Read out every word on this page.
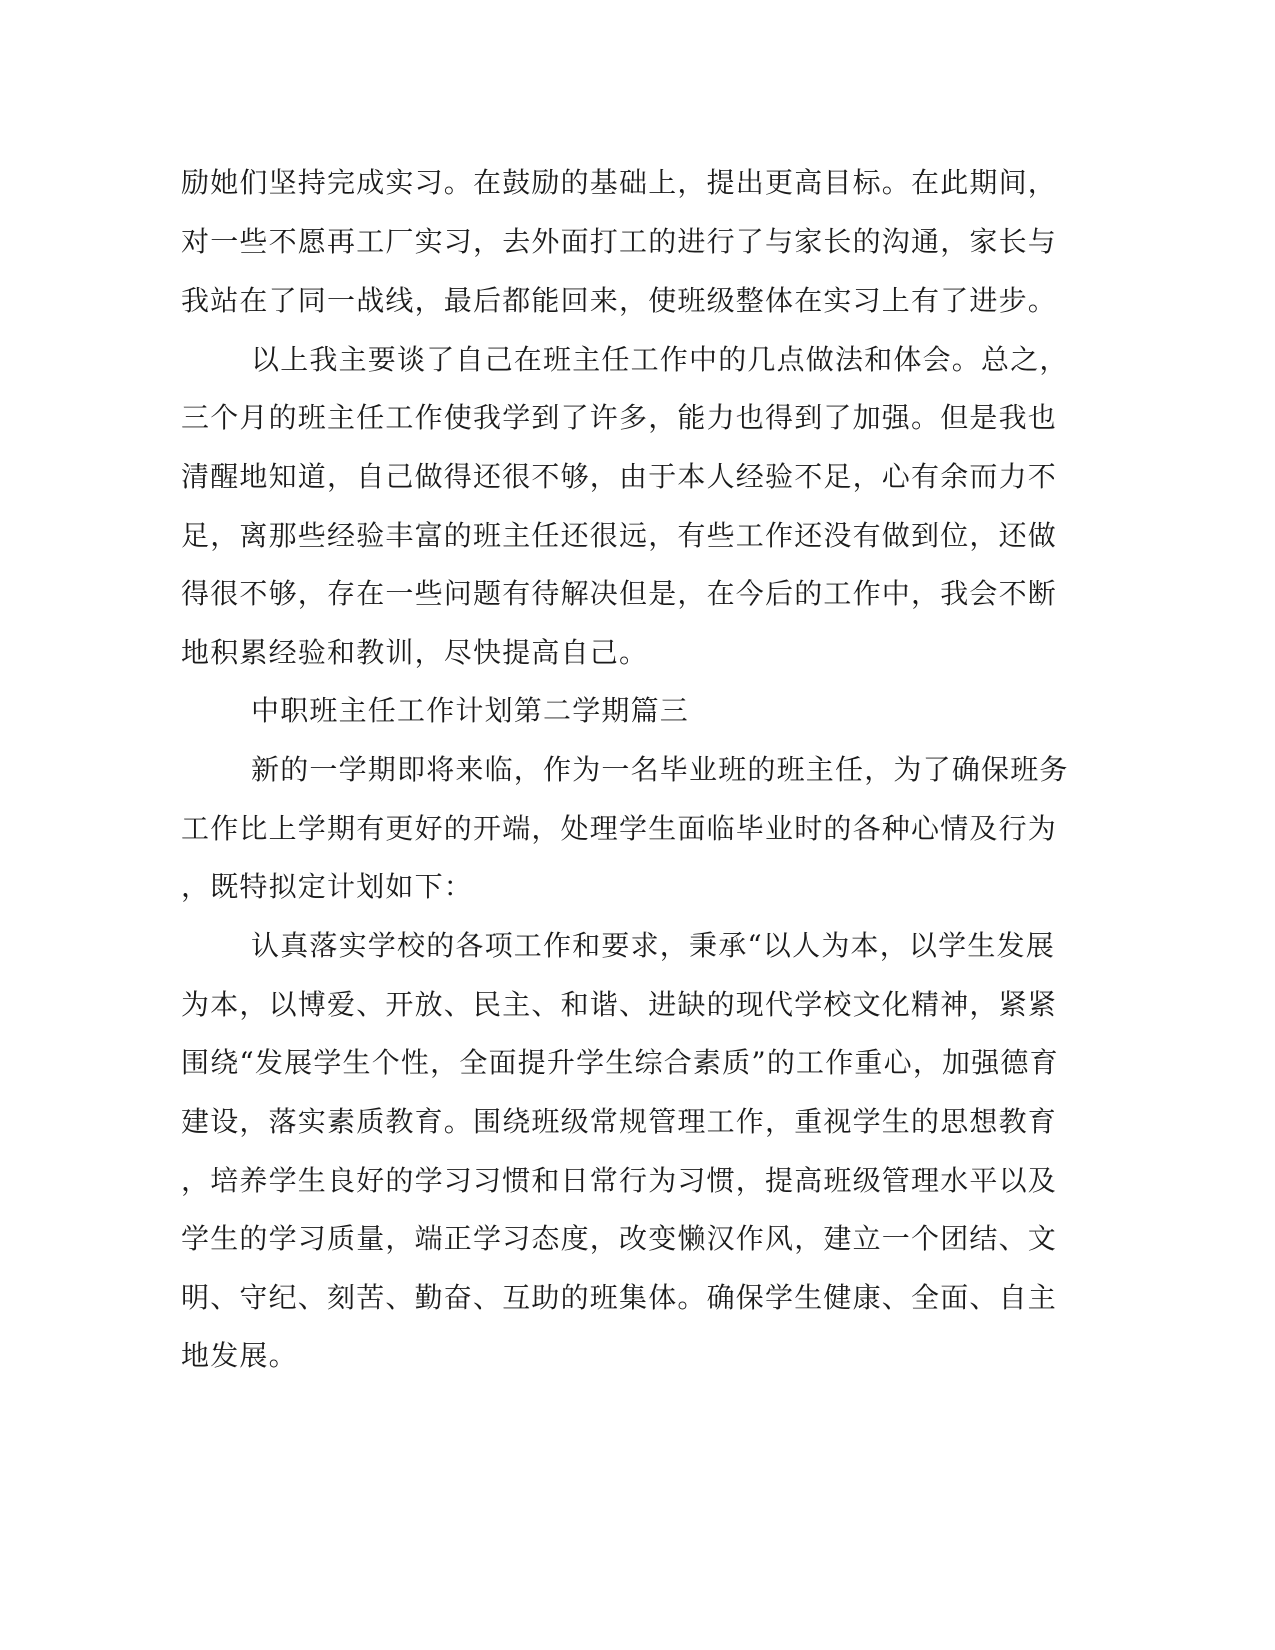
励她们坚持完成实习。在鼓励的基础上，提出更高目标。在此期间，
对一些不愿再工厂实习，去外面打工的进行了与家长的沟通，家长与
我站在了同一战线，最后都能回来，使班级整体在实习上有了进步。
以上我主要谈了自己在班主任工作中的几点做法和体会。总之，
三个月的班主任工作使我学到了许多，能力也得到了加强。但是我也
清醒地知道，自己做得还很不够，由于本人经验不足，心有余而力不
足，离那些经验丰富的班主任还很远，有些工作还没有做到位，还做
得很不够，存在一些问题有待解决但是，在今后的工作中，我会不断
地积累经验和教训，尽快提高自己。
中职班主任工作计划第二学期篇三
新的一学期即将来临，作为一名毕业班的班主任，为了确保班务
工作比上学期有更好的开端，处理学生面临毕业时的各种心情及行为
，既特拟定计划如下：
认真落实学校的各项工作和要求，秉承“以人为本，以学生发展
为本，以博爱、开放、民主、和谐、进缺的现代学校文化精神，紧紧
围绕“发展学生个性，全面提升学生综合素质”的工作重心，加强德育
建设，落实素质教育。围绕班级常规管理工作，重视学生的思想教育
，培养学生良好的学习习惯和日常行为习惯，提高班级管理水平以及
学生的学习质量，端正学习态度，改变懒汉作风，建立一个团结、文
明、守纪、刻苦、勤奋、互助的班集体。确保学生健康、全面、自主
地发展。
